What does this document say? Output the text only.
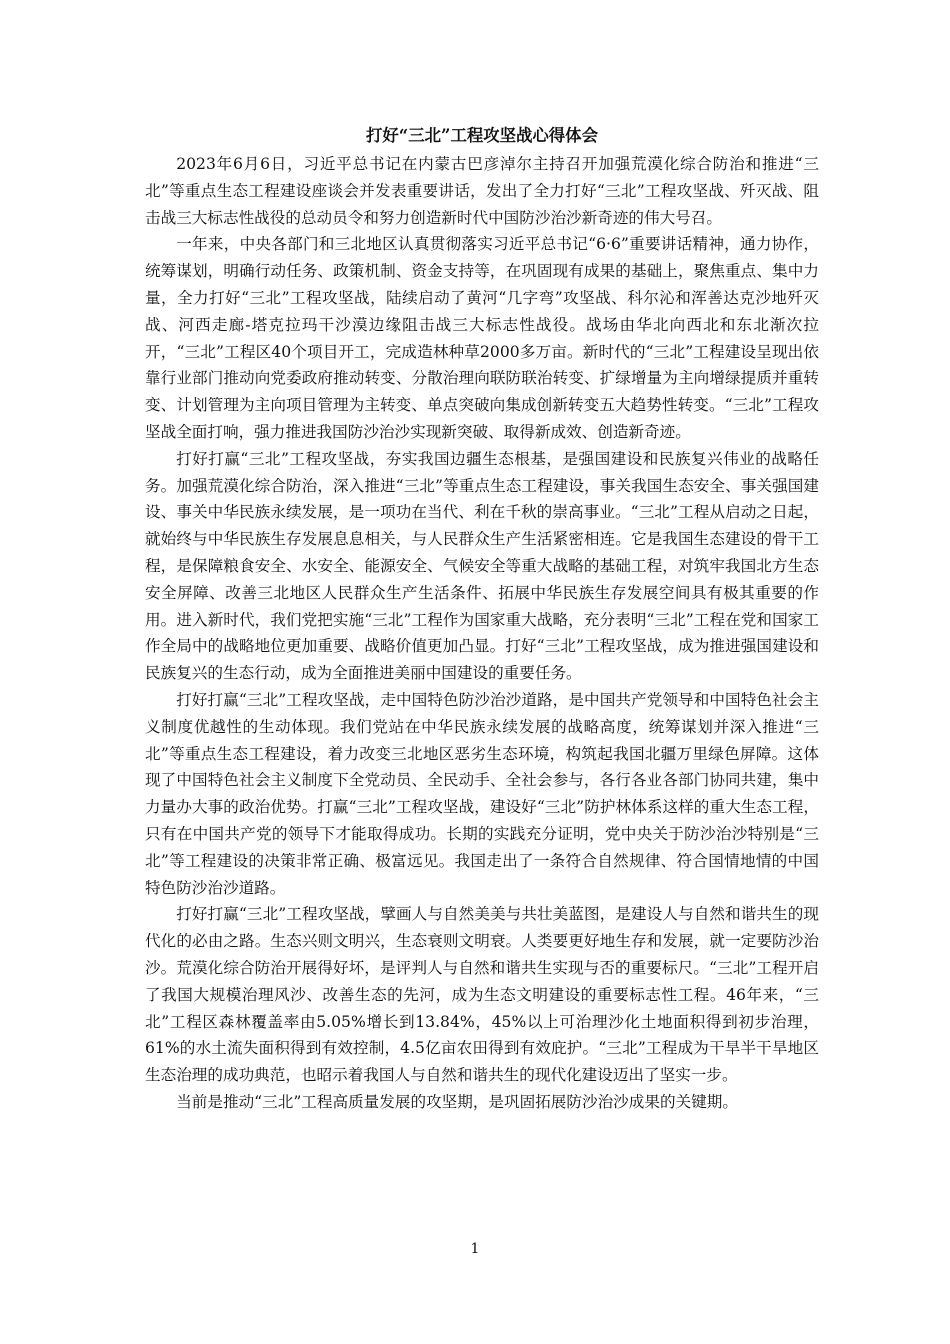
打好“三北”工程攻坚战心得体会

2023年6月6日，习近平总书记在内蒙古巴彦淖尔主持召开加强荒漠化综合防治和推进“三北”等重点生态工程建设座谈会并发表重要讲话，发出了全力打好“三北”工程攻坚战、歼灭战、阻击战三大标志性战役的总动员令和努力创造新时代中国防沙治沙新奇迹的伟大号召。

一年来，中央各部门和三北地区认真贯彻落实习近平总书记“6·6”重要讲话精神，通力协作，统筹谋划，明确行动任务、政策机制、资金支持等，在巩固现有成果的基础上，聚焦重点、集中力量，全力打好“三北”工程攻坚战，陆续启动了黄河“几字弯”攻坚战、科尔沁和浑善达克沙地歼灭战、河西走廊-塔克拉玛干沙漠边缘阻击战三大标志性战役。战场由华北向西北和东北渐次拉开，“三北”工程区40个项目开工，完成造林种草2000多万亩。新时代的“三北”工程建设呈现出依靠行业部门推动向党委政府推动转变、分散治理向联防联治转变、扩绿增量为主向增绿提质并重转变、计划管理为主向项目管理为主转变、单点突破向集成创新转变五大趋势性转变。“三北”工程攻坚战全面打响，强力推进我国防沙治沙实现新突破、取得新成效、创造新奇迹。

打好打赢“三北”工程攻坚战，夯实我国边疆生态根基，是强国建设和民族复兴伟业的战略任务。加强荒漠化综合防治，深入推进“三北”等重点生态工程建设，事关我国生态安全、事关强国建设、事关中华民族永续发展，是一项功在当代、利在千秋的崇高事业。“三北”工程从启动之日起，就始终与中华民族生存发展息息相关，与人民群众生产生活紧密相连。它是我国生态建设的骨干工程，是保障粮食安全、水安全、能源安全、气候安全等重大战略的基础工程，对筑牢我国北方生态安全屏障、改善三北地区人民群众生产生活条件、拓展中华民族生存发展空间具有极其重要的作用。进入新时代，我们党把实施“三北”工程作为国家重大战略，充分表明“三北”工程在党和国家工作全局中的战略地位更加重要、战略价值更加凸显。打好“三北”工程攻坚战，成为推进强国建设和民族复兴的生态行动，成为全面推进美丽中国建设的重要任务。

打好打赢“三北”工程攻坚战，走中国特色防沙治沙道路，是中国共产党领导和中国特色社会主义制度优越性的生动体现。我们党站在中华民族永续发展的战略高度，统筹谋划并深入推进“三北”等重点生态工程建设，着力改变三北地区恶劣生态环境，构筑起我国北疆万里绿色屏障。这体现了中国特色社会主义制度下全党动员、全民动手、全社会参与，各行各业各部门协同共建，集中力量办大事的政治优势。打赢“三北”工程攻坚战，建设好“三北”防护林体系这样的重大生态工程，只有在中国共产党的领导下才能取得成功。长期的实践充分证明，党中央关于防沙治沙特别是“三北”等工程建设的决策非常正确、极富远见。我国走出了一条符合自然规律、符合国情地情的中国特色防沙治沙道路。

打好打赢“三北”工程攻坚战，擘画人与自然美美与共壮美蓝图，是建设人与自然和谐共生的现代化的必由之路。生态兴则文明兴，生态衰则文明衰。人类要更好地生存和发展，就一定要防沙治沙。荒漠化综合防治开展得好坏，是评判人与自然和谐共生实现与否的重要标尺。“三北”工程开启了我国大规模治理风沙、改善生态的先河，成为生态文明建设的重要标志性工程。46年来，“三北”工程区森林覆盖率由5.05%增长到13.84%，45%以上可治理沙化土地面积得到初步治理，61%的水土流失面积得到有效控制，4.5亿亩农田得到有效庇护。“三北”工程成为干旱半干旱地区生态治理的成功典范，也昭示着我国人与自然和谐共生的现代化建设迈出了坚实一步。

当前是推动“三北”工程高质量发展的攻坚期，是巩固拓展防沙治沙成果的关键期。

1
